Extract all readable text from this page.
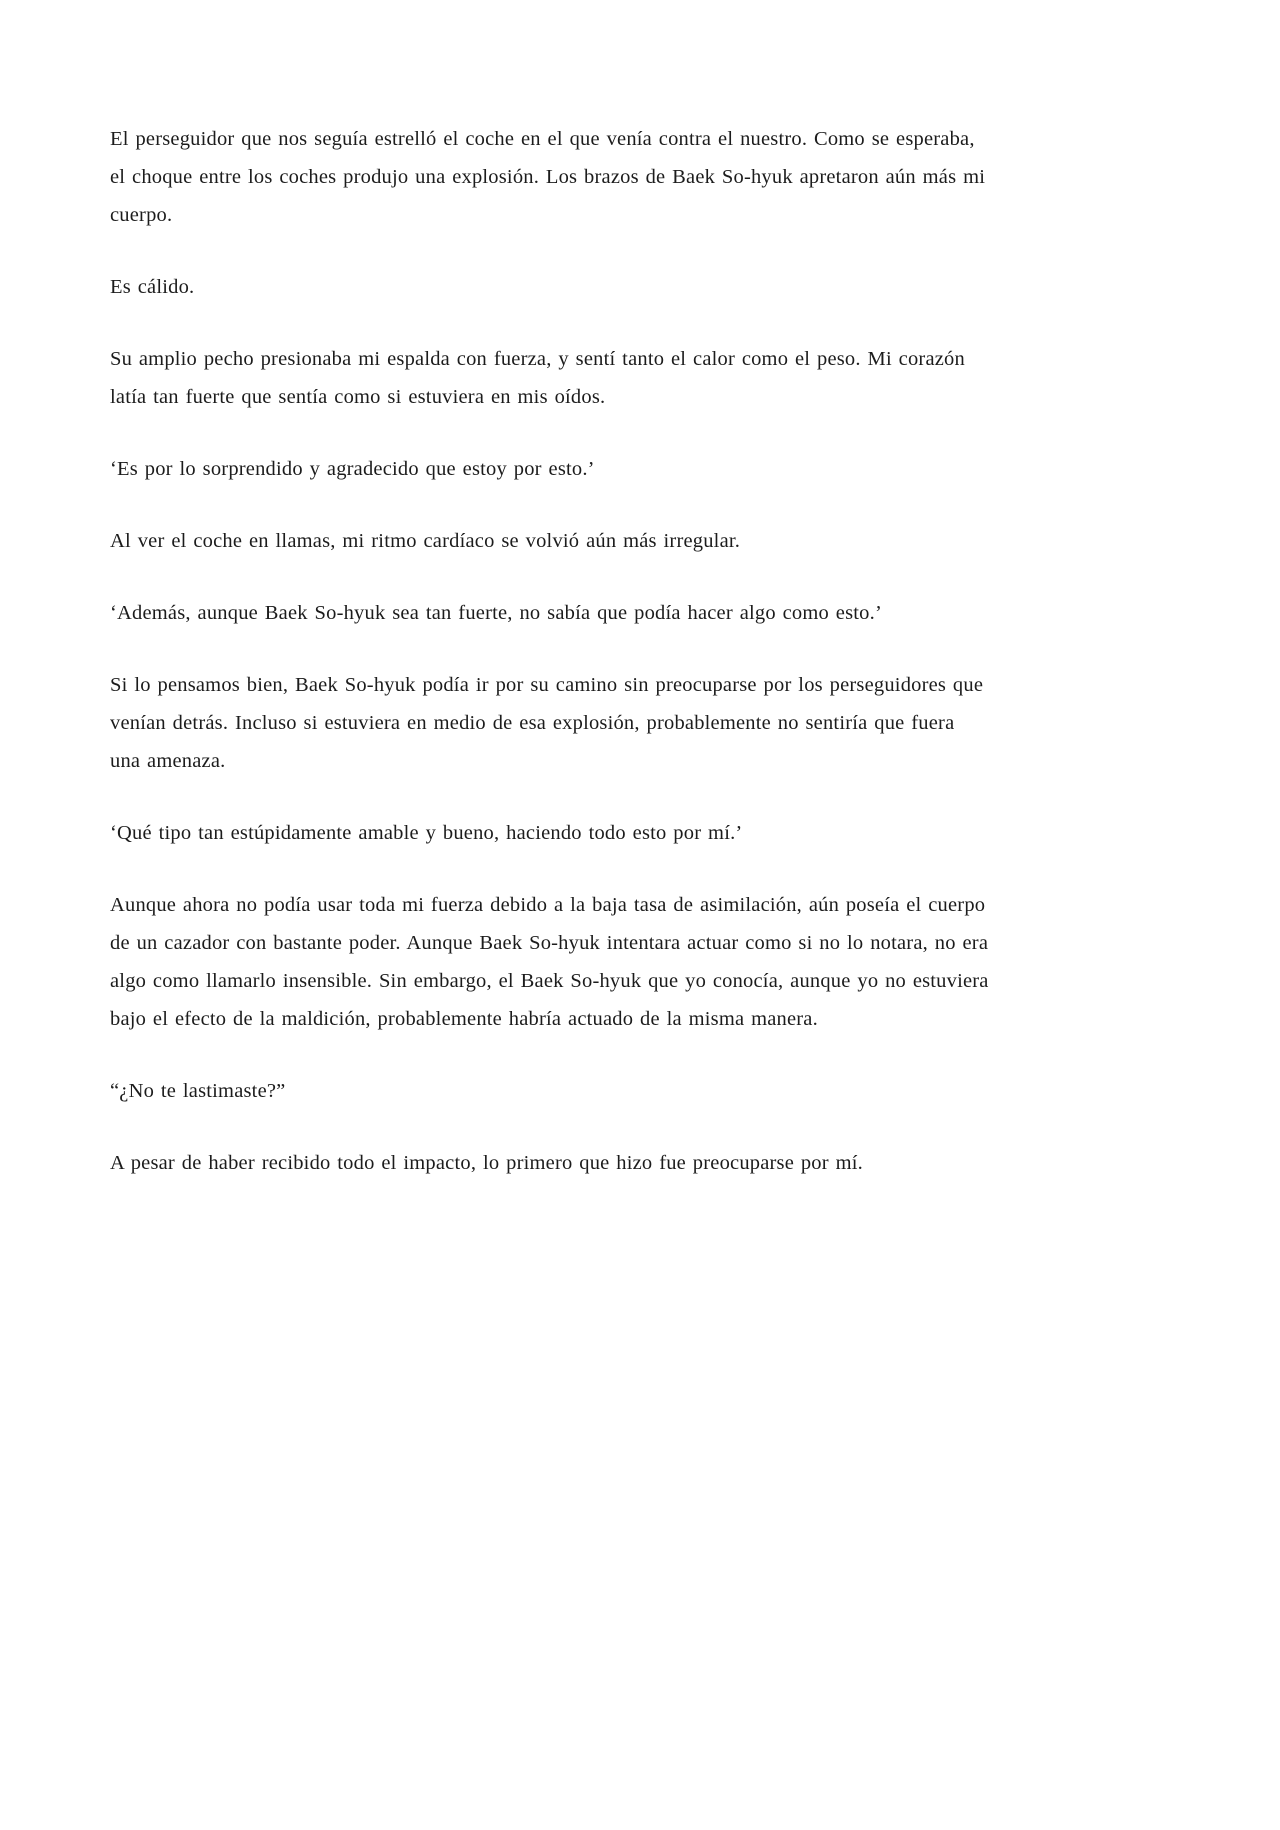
El perseguidor que nos seguía estrelló el coche en el que venía contra el nuestro. Como se esperaba, el choque entre los coches produjo una explosión. Los brazos de Baek So-hyuk apretaron aún más mi cuerpo.

Es cálido.

Su amplio pecho presionaba mi espalda con fuerza, y sentí tanto el calor como el peso. Mi corazón latía tan fuerte que sentía como si estuviera en mis oídos.

‘Es por lo sorprendido y agradecido que estoy por esto.’

Al ver el coche en llamas, mi ritmo cardíaco se volvió aún más irregular.

‘Además, aunque Baek So-hyuk sea tan fuerte, no sabía que podía hacer algo como esto.’

Si lo pensamos bien, Baek So-hyuk podía ir por su camino sin preocuparse por los perseguidores que venían detrás. Incluso si estuviera en medio de esa explosión, probablemente no sentiría que fuera una amenaza.

‘Qué tipo tan estúpidamente amable y bueno, haciendo todo esto por mí.’

Aunque ahora no podía usar toda mi fuerza debido a la baja tasa de asimilación, aún poseía el cuerpo de un cazador con bastante poder. Aunque Baek So-hyuk intentara actuar como si no lo notara, no era algo como llamarlo insensible. Sin embargo, el Baek So-hyuk que yo conocía, aunque yo no estuviera bajo el efecto de la maldición, probablemente habría actuado de la misma manera.

“¿No te lastimaste?”

A pesar de haber recibido todo el impacto, lo primero que hizo fue preocuparse por mí.
